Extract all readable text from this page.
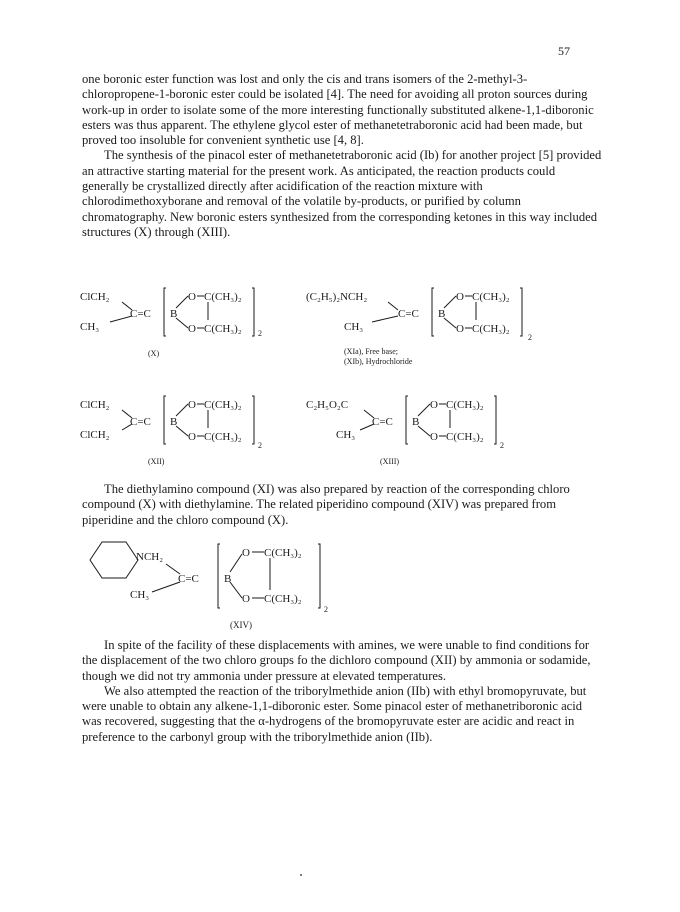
57

one boronic ester function was lost and only the cis and trans isomers of the 2-methyl-3-chloropropene-1-boronic ester could be isolated [4]. The need for avoiding all proton sources during work-up in order to isolate some of the more interesting functionally substituted alkene-1,1-diboronic esters was thus apparent. The ethylene glycol ester of methanetetraboronic acid had been made, but proved too insoluble for convenient synthetic use [4, 8].

The synthesis of the pinacol ester of methanetetraboronic acid (Ib) for another project [5] provided an attractive starting material for the present work. As anticipated, the reaction products could generally be crystallized directly after acidification of the reaction mixture with chlorodimethoxyborane and removal of the volatile by-products, or purified by column chromatography. New boronic esters synthesized from the corresponding ketones in this way included structures (X) through (XIII).

ClCH₂
CH₃
C=C B
O
O
C(CH₃)₂
C(CH₃)₂ 2
(X)
(C₂H₅)₂NCH₂
CH₃
C=C B
O
O
C(CH₃)₂
C(CH₃)₂
2
(XIa), Free base;
(XIb), Hydrochloride
ClCH₂
ClCH₂
C=C B
O
O
C(CH₃)₂
C(CH₃)₂
2
(XII)
C₂H₅O₂C
CH₃
C=C B
O
O
C(CH₃)₂
C(CH₃)₂
2
(XIII)

The diethylamino compound (XI) was also prepared by reaction of the corresponding chloro compound (X) with diethylamine. The related piperidino compound (XIV) was prepared from piperidine and the chloro compound (X).

NCH₂
CH₃
C=C B
O
O
C(CH₃)₂
C(CH₃)₂
2
(XIV)

In spite of the facility of these displacements with amines, we were unable to find conditions for the displacement of the two chloro groups fo the dichloro compound (XII) by ammonia or sodamide, though we did not try ammonia under pressure at elevated temperatures.

We also attempted the reaction of the triborylmethide anion (IIb) with ethyl bromopyruvate, but were unable to obtain any alkene-1,1-diboronic ester. Some pinacol ester of methanetriboronic acid was recovered, suggesting that the α-hydrogens of the bromopyruvate ester are acidic and react in preference to the carbonyl group with the triborylmethide anion (IIb).
